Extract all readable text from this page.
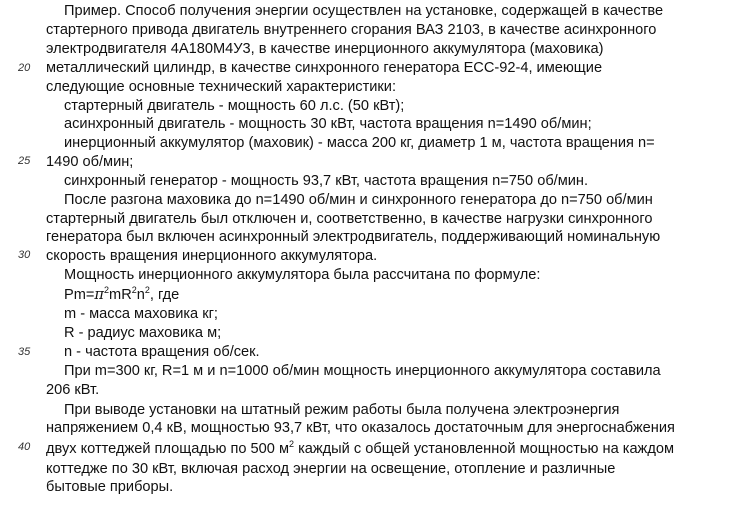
20
25
30
35
40
Пример. Способ получения энергии осуществлен на установке, содержащей в качестве
стартерного привода двигатель внутреннего сгорания ВАЗ 2103, в качестве асинхронного
электродвигателя 4А180М4У3, в качестве инерционного аккумулятора (маховика)
металлический цилиндр, в качестве синхронного генератора ЕСС-92-4, имеющие
следующие основные технический характеристики:
стартерный двигатель - мощность 60 л.с. (50 кВт);
асинхронный двигатель - мощность 30 кВт, частота вращения n=1490 об/мин;
инерционный аккумулятор (маховик) - масса 200 кг, диаметр 1 м, частота вращения n=
1490 об/мин;
синхронный генератор - мощность 93,7 кВт, частота вращения n=750 об/мин.
После разгона маховика до n=1490 об/мин и синхронного генератора до n=750 об/мин
стартерный двигатель был отключен и, соответственно, в качестве нагрузки синхронного
генератора был включен асинхронный электродвигатель, поддерживающий номинальную
скорость вращения инерционного аккумулятора.
Мощность инерционного аккумулятора была рассчитана по формуле:
$Pm=\pi^2mR^2n^2$, где
m - масса маховика кг;
R - радиус маховика м;
n - частота вращения об/сек.
При m=300 кг, R=1 м и n=1000 об/мин мощность инерционного аккумулятора составила
206 кВт.
При выводе установки на штатный режим работы была получена электроэнергия
напряжением 0,4 кВ, мощностью 93,7 кВт, что оказалось достаточным для энергоснабжения
двух коттеджей площадью по 500 $м^2$ каждый с общей установленной мощностью на каждом
коттедже по 30 кВт, включая расход энергии на освещение, отопление и различные
бытовые приборы.
